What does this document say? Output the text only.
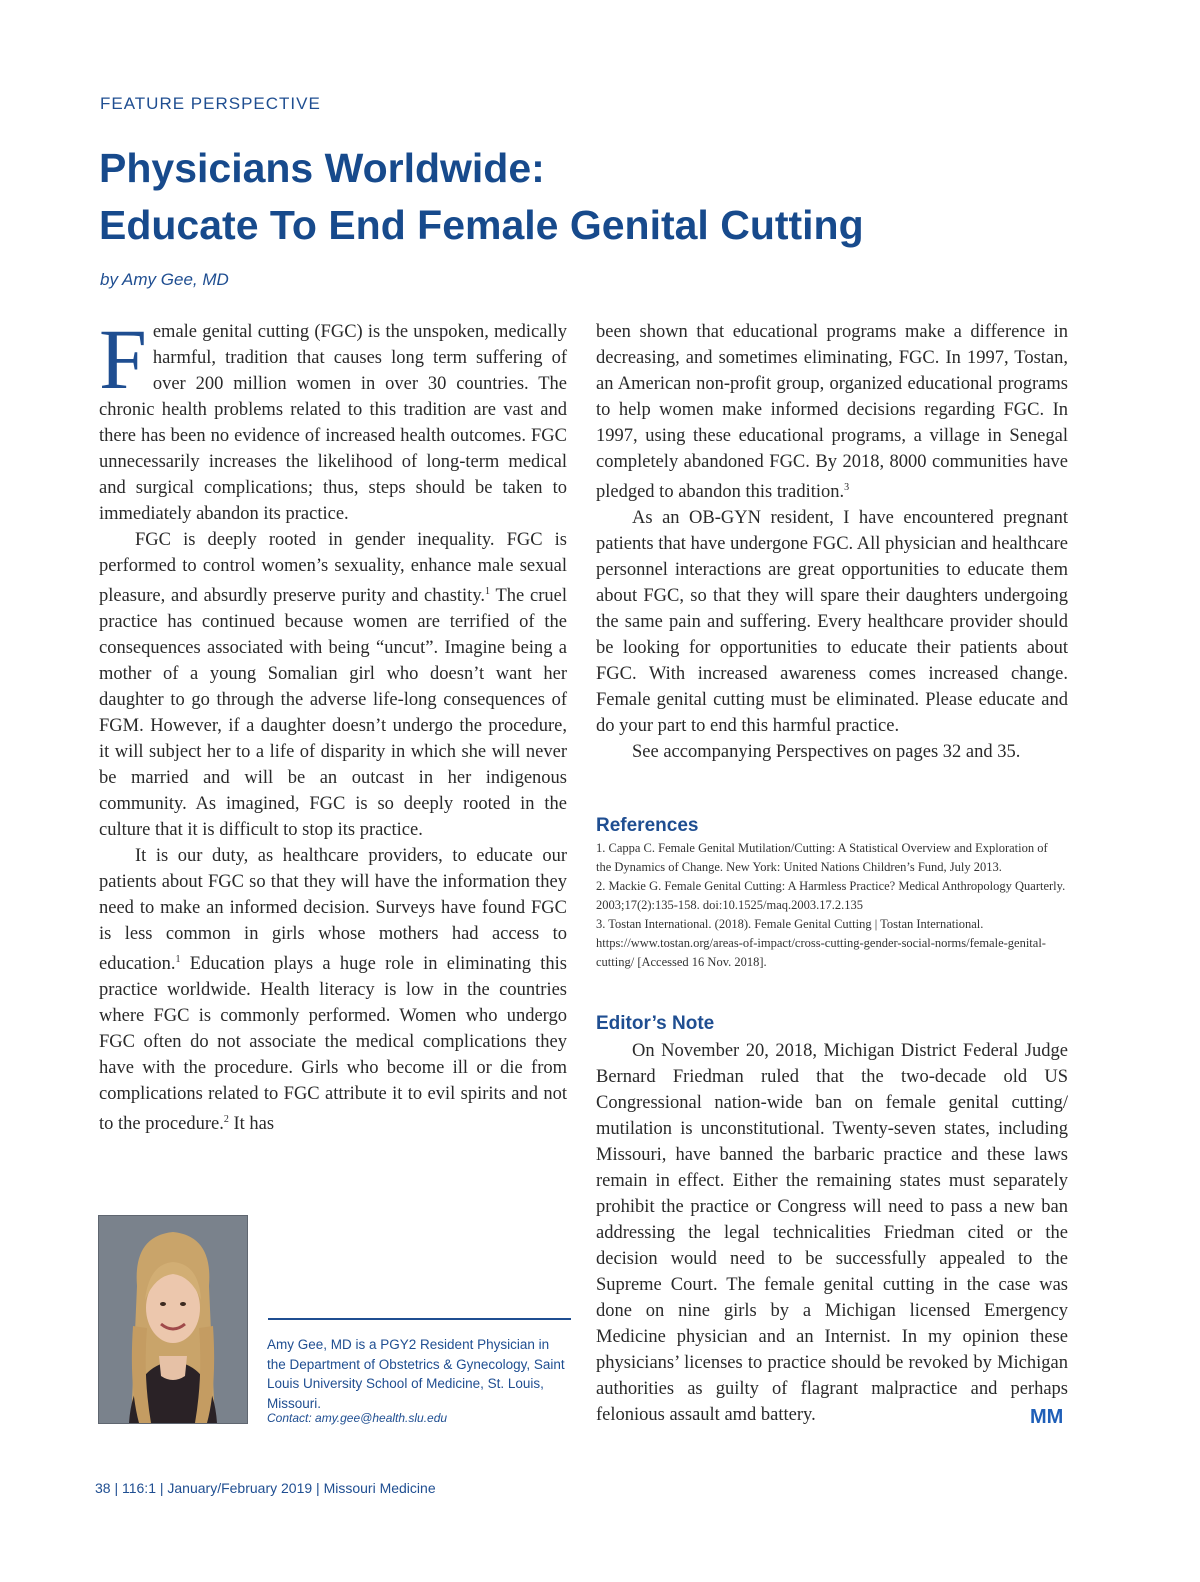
FEATURE PERSPECTIVE
Physicians Worldwide:
Educate To End Female Genital Cutting
by Amy Gee, MD

Female genital cutting (FGC) is the unspoken, medically harmful, tradition that causes long term suffering of over 200 million women in over 30 countries. The chronic health problems related to this tradition are vast and there has been no evidence of increased health outcomes. FGC unnecessarily increases the likelihood of long-term medical and surgical complications; thus, steps should be taken to immediately abandon its practice.

FGC is deeply rooted in gender inequality. FGC is performed to control women’s sexuality, enhance male sexual pleasure, and absurdly preserve purity and chastity.$^1$ The cruel practice has continued because women are terrified of the consequences associated with being “uncut”. Imagine being a mother of a young Somalian girl who doesn’t want her daughter to go through the adverse life-long consequences of FGM. However, if a daughter doesn’t undergo the procedure, it will subject her to a life of disparity in which she will never be married and will be an outcast in her indigenous community. As imagined, FGC is so deeply rooted in the culture that it is difficult to stop its practice.

It is our duty, as healthcare providers, to educate our patients about FGC so that they will have the information they need to make an informed decision. Surveys have found FGC is less common in girls whose mothers had access to education.$^1$ Education plays a huge role in eliminating this practice worldwide. Health literacy is low in the countries where FGC is commonly performed. Women who undergo FGC often do not associate the medical complications they have with the procedure. Girls who become ill or die from complications related to FGC attribute it to evil spirits and not to the procedure.$^2$ It has

been shown that educational programs make a difference in decreasing, and sometimes eliminating, FGC. In 1997, Tostan, an American non-profit group, organized educational programs to help women make informed decisions regarding FGC. In 1997, using these educational programs, a village in Senegal completely abandoned FGC. By 2018, 8000 communities have pledged to abandon this tradition.$^3$

As an OB-GYN resident, I have encountered pregnant patients that have undergone FGC. All physician and healthcare personnel interactions are great opportunities to educate them about FGC, so that they will spare their daughters undergoing the same pain and suffering. Every healthcare provider should be looking for opportunities to educate their patients about FGC. With increased awareness comes increased change. Female genital cutting must be eliminated. Please educate and do your part to end this harmful practice.

See accompanying Perspectives on pages 32 and 35.

References

1. Cappa C. Female Genital Mutilation/Cutting: A Statistical Overview and Exploration of the Dynamics of Change. New York: United Nations Children’s Fund, July 2013.

2. Mackie G. Female Genital Cutting: A Harmless Practice? Medical Anthropology Quarterly. 2003;17(2):135-158. doi:10.1525/maq.2003.17.2.135

3. Tostan International. (2018). Female Genital Cutting | Tostan International. https://www.tostan.org/areas-of-impact/cross-cutting-gender-social-norms/female-genital-cutting/ [Accessed 16 Nov. 2018].

Editor’s Note

On November 20, 2018, Michigan District Federal Judge Bernard Friedman ruled that the two-decade old US Congressional nation-wide ban on female genital cutting/ mutilation is unconstitutional. Twenty-seven states, including Missouri, have banned the barbaric practice and these laws remain in effect. Either the remaining states must separately prohibit the practice or Congress will need to pass a new ban addressing the legal technicalities Friedman cited or the decision would need to be successfully appealed to the Supreme Court. The female genital cutting in the case was done on nine girls by a Michigan licensed Emergency Medicine physician and an Internist. In my opinion these physicians’ licenses to practice should be revoked by Michigan authorities as guilty of flagrant malpractice and perhaps felonious assault amd battery.	MM
Amy Gee, MD is a PGY2 Resident Physician in the Department of Obstetrics & Gynecology, Saint Louis University School of Medicine, St. Louis, Missouri.
Contact: amy.gee@health.slu.edu
38 | 116:1 | January/February 2019 | Missouri Medicine
